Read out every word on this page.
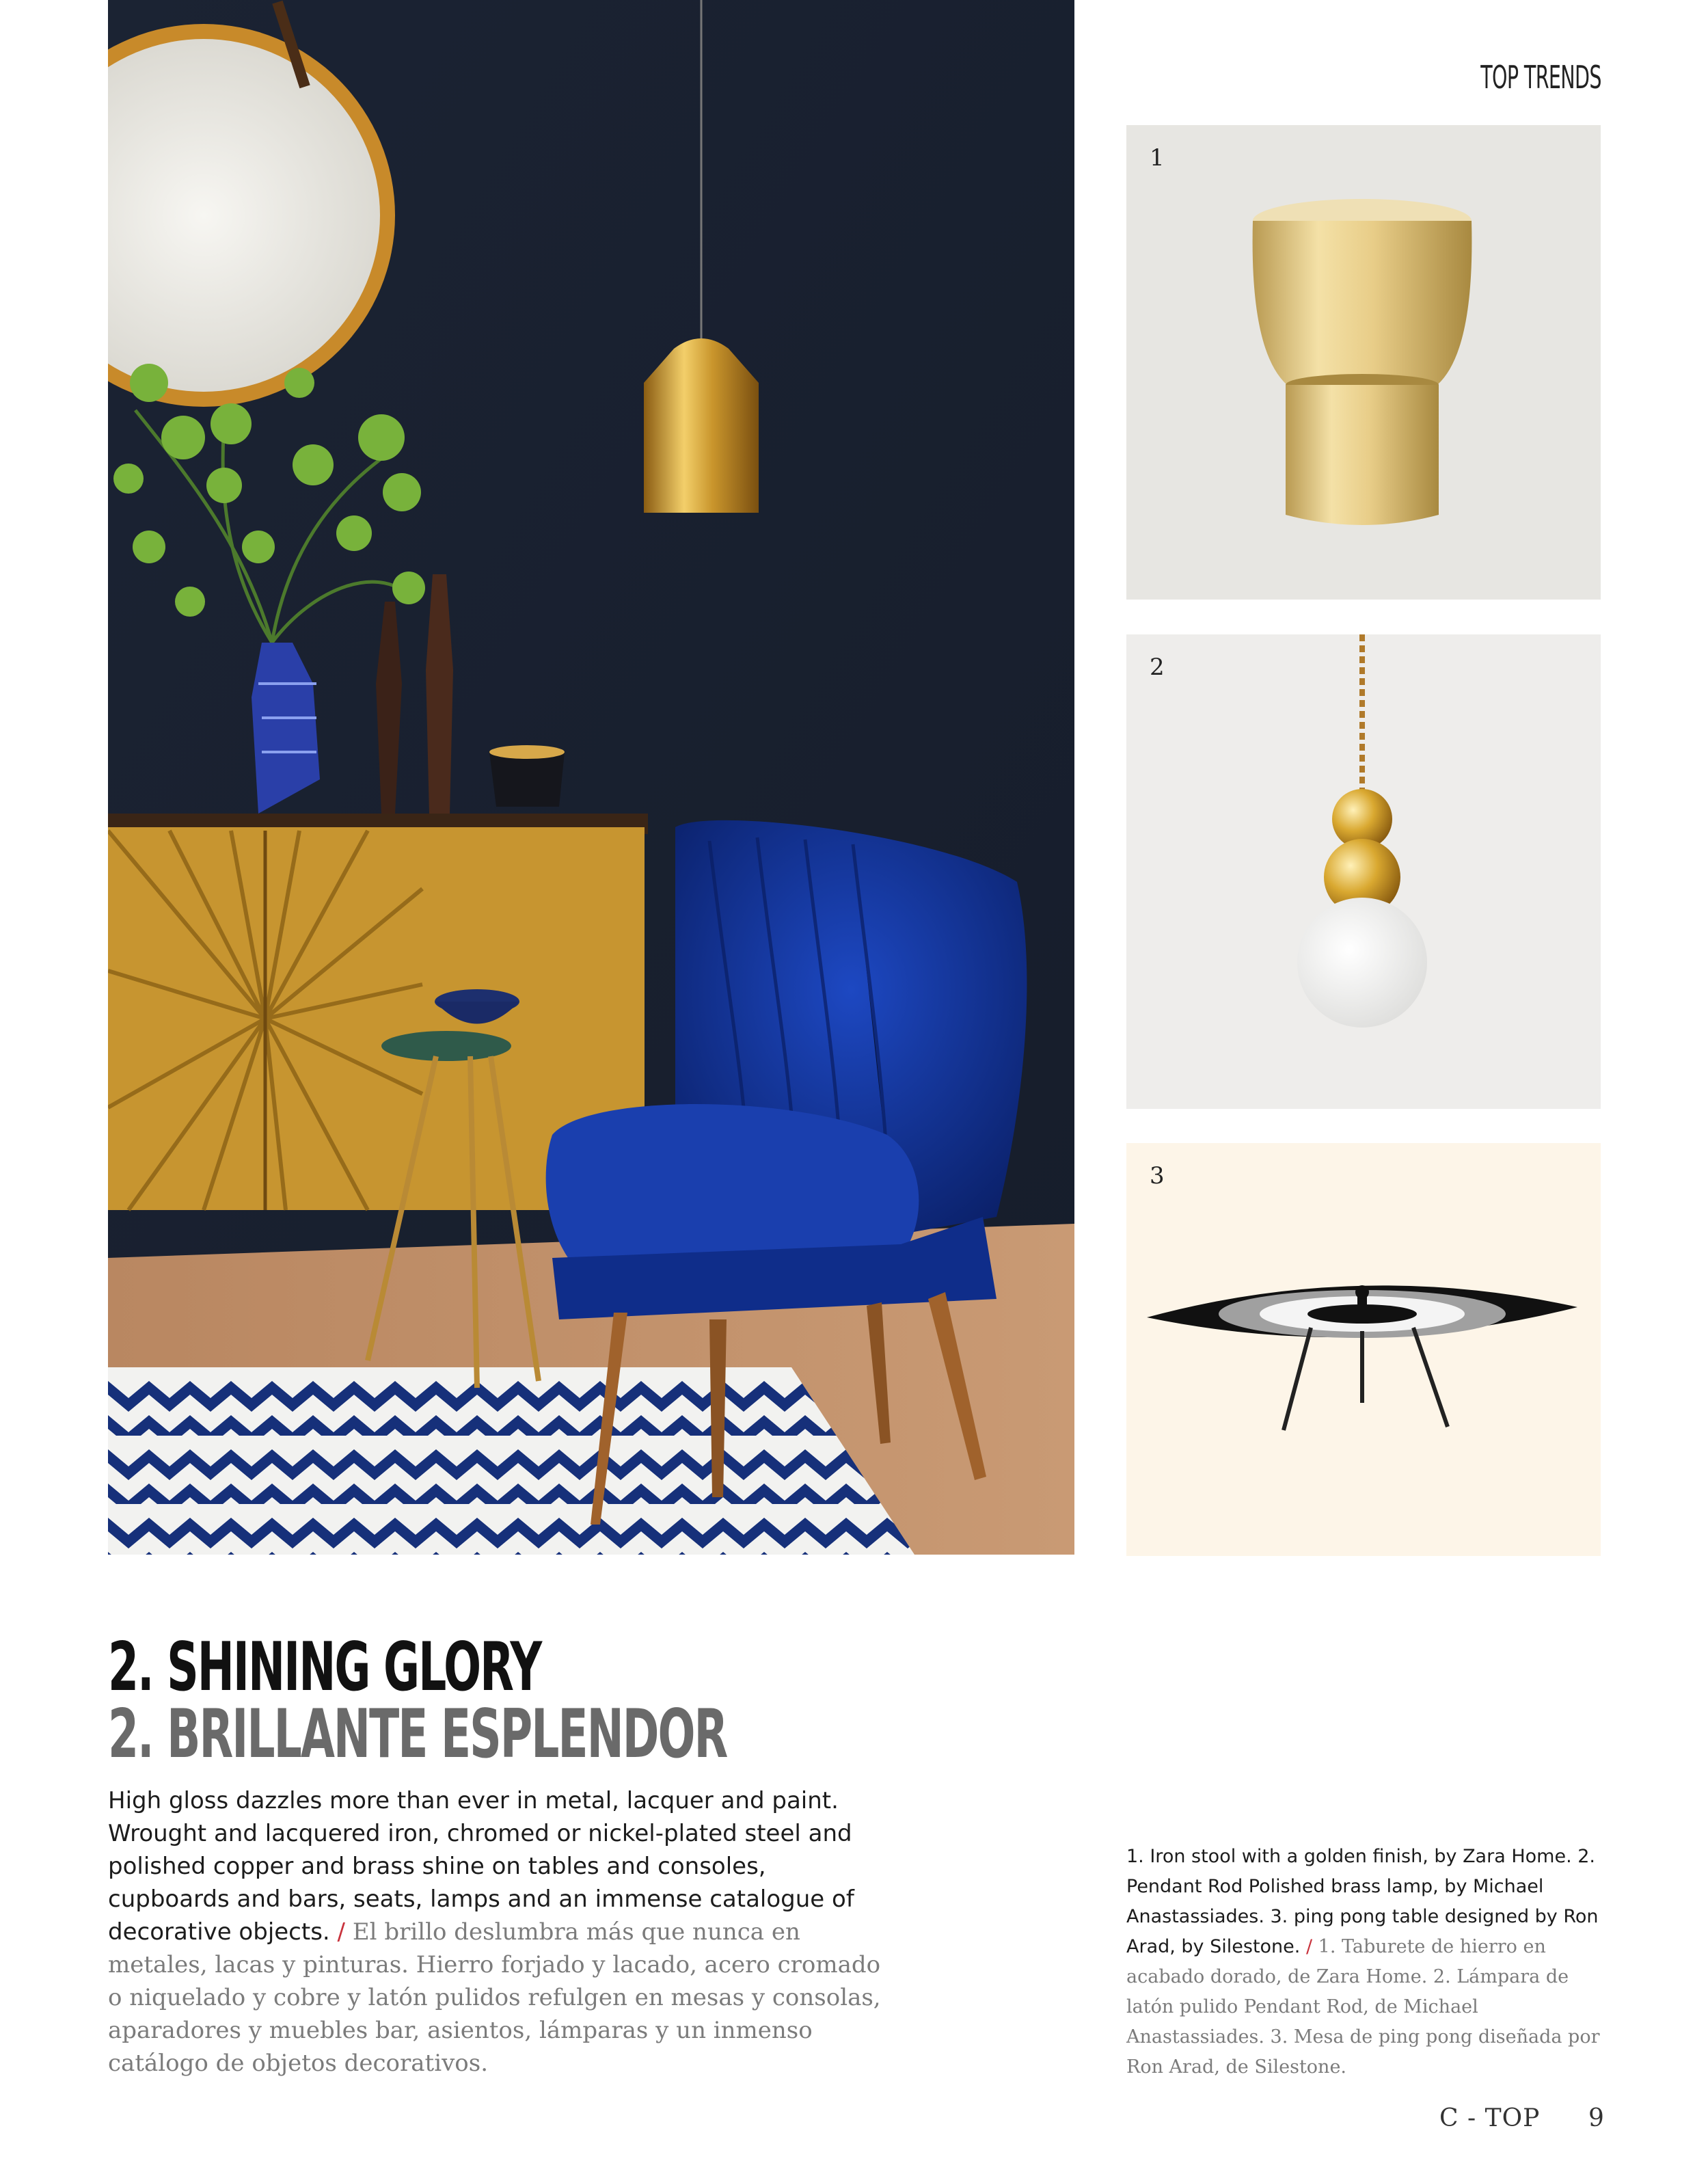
TOP TRENDS
1
2
3
2. SHINING GLORY
2. BRILLANTE ESPLENDOR
High gloss dazzles more than ever in metal, lacquer and paint. Wrought and lacquered iron, chromed or nickel-plated steel and polished copper and brass shine on tables and consoles, cupboards and bars, seats, lamps and an immense catalogue of decorative objects. / El brillo deslumbra más que nunca en metales, lacas y pinturas. Hierro forjado y lacado, acero cromado o niquelado y cobre y latón pulidos refulgen en mesas y consolas, aparadores y muebles bar, asientos, lámparas y un inmenso catálogo de objetos decorativos.
1. Iron stool with a golden finish, by Zara Home. 2. Pendant Rod Polished brass lamp, by Michael Anastassiades. 3. ping pong table designed by Ron Arad, by Silestone. / 1. Taburete de hierro en acabado dorado, de Zara Home. 2. Lámpara de latón pulido Pendant Rod, de Michael Anastassiades. 3. Mesa de ping pong diseñada por Ron Arad, de Silestone.
C - TOP 9
